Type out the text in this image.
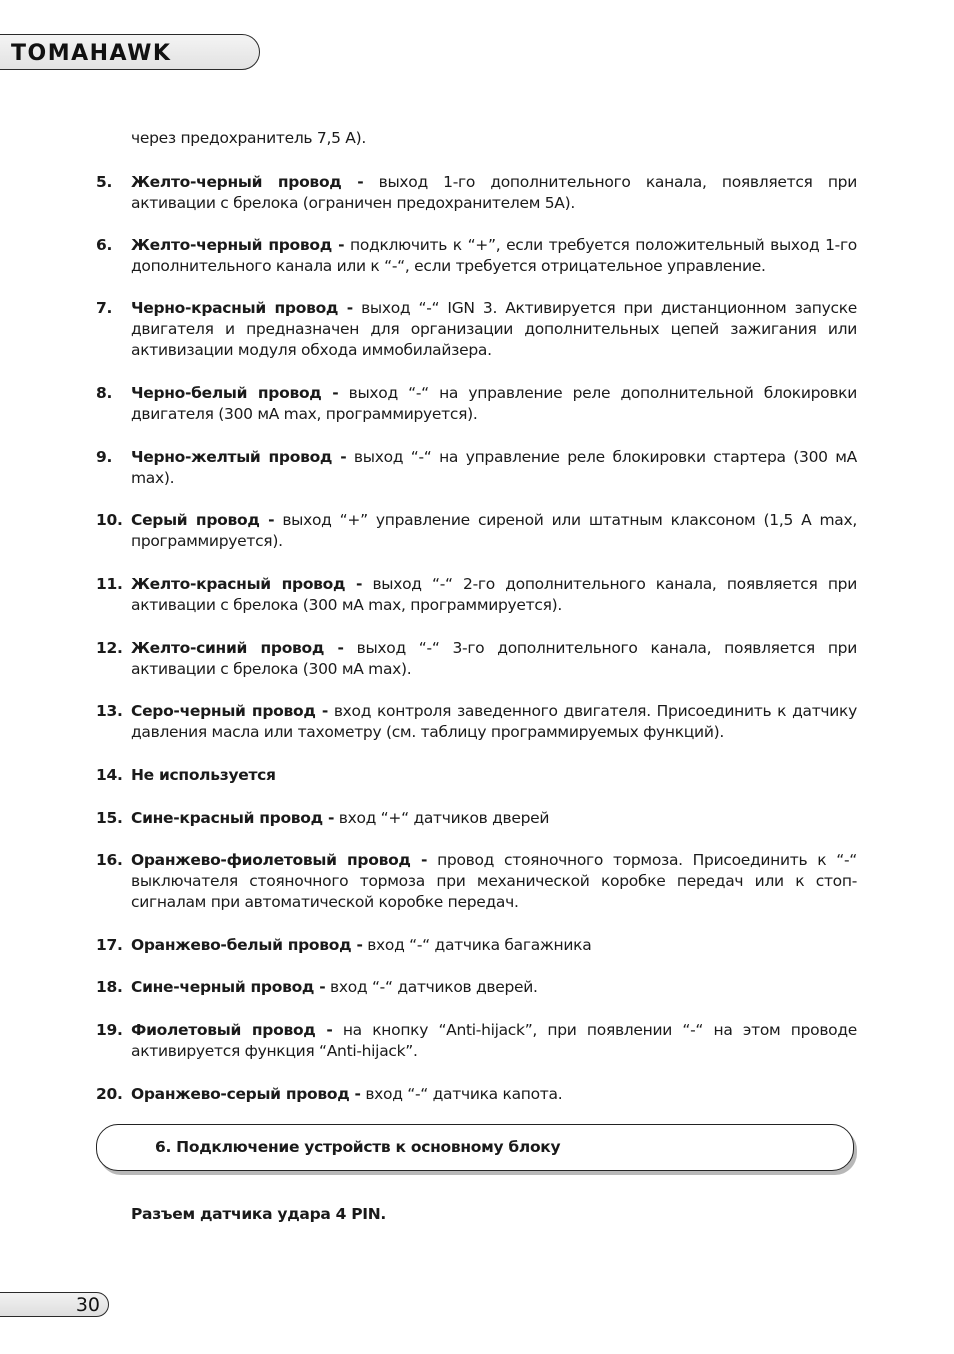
TOMAHAWK
через предохранитель 7,5 А).
5.	Желто-черный провод - выход 1-го дополнительного канала, появляется при активации с брелока (ограничен предохранителем 5А).
6.	Желто-черный провод - подключить к “+”, если требуется положительный выход 1-го дополнительного канала или к “-“, если требуется отрицательное управление.
7.	Черно-красный провод - выход “-“ IGN 3. Активируется при дистанционном запуске двигателя и предназначен для организации дополнительных цепей зажигания или активизации модуля обхода иммобилайзера.
8.	Черно-белый провод - выход “-“ на управление реле дополнительной блокировки двигателя (300 мА max, программируется).
9.	Черно-желтый провод - выход “-“ на управление реле блокировки стартера (300 мА max).
10. Серый провод - выход “+” управление сиреной или штатным клаксоном (1,5 А max, программируется).
11. Желто-красный провод - выход “-“ 2-го дополнительного канала, появляется при активации с брелока (300 мА max, программируется).
12. Желто-синий провод - выход “-“ 3-го дополнительного канала, появляется при активации с брелока (300 мА max).
13. Серо-черный провод - вход контроля заведенного двигателя. Присоединить к датчику давления масла или тахометру (см. таблицу программируемых функций).
14. Не используется
15. Сине-красный провод - вход “+“ датчиков дверей
16. Оранжево-фиолетовый провод - провод стояночного тормоза. Присоединить к “-“ выключателя стояночного тормоза при механической коробке передач или к стоп-сигналам при автоматической коробке передач.
17. Оранжево-белый провод - вход “-“ датчика багажника
18. Сине-черный провод - вход “-“ датчиков дверей.
19. Фиолетовый провод - на кнопку “Anti-hijack”, при появлении “-“ на этом проводе активируется функция “Anti-hijack”.
20. Оранжево-серый провод - вход “-“ датчика капота.
6. Подключение устройств к основному блоку
Разъем датчика удара 4 PIN.
30
